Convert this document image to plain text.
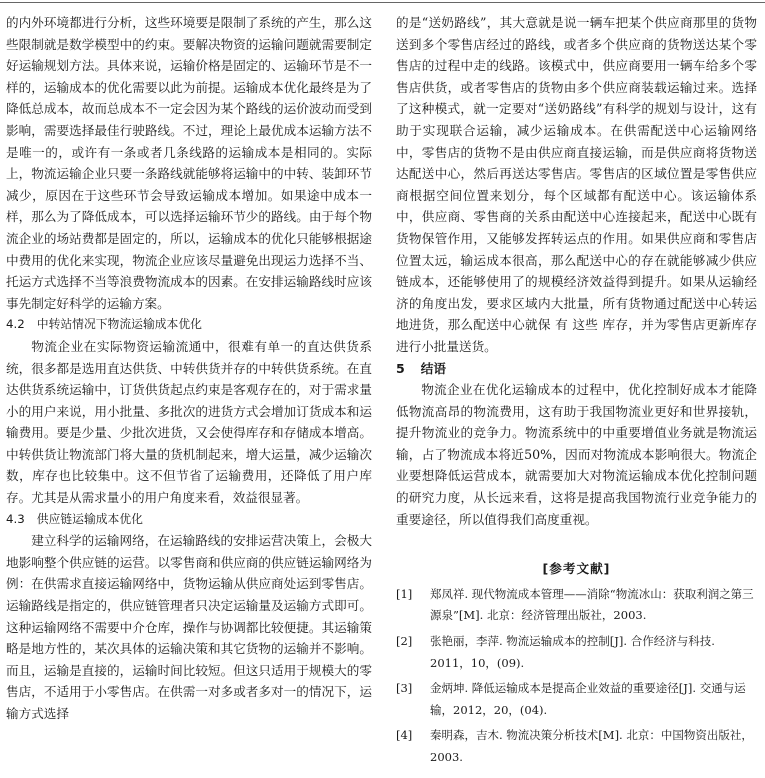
的内外环境都进行分析，这些环境要是限制了系统的产生，那么这些限制就是数学模型中的约束。要解决物资的运输问题就需要制定好运输规划方法。具体来说，运输价格是固定的、运输环节是不一样的，运输成本的优化需要以此为前提。运输成本优化最终是为了降低总成本，故而总成本不一定会因为某个路线的运价波动而受到影响，需要选择最佳行驶路线。不过，理论上最优成本运输方法不是唯一的，或许有一条或者几条线路的运输成本是相同的。实际上，物流运输企业只要一条路线就能够将运输中的中转、装卸环节减少，原因在于这些环节会导致运输成本增加。如果途中成本一样，那么为了降低成本，可以选择运输环节少的路线。由于每个物流企业的场站费都是固定的，所以，运输成本的优化只能够根据途中费用的优化来实现，物流企业应该尽量避免出现运力选择不当、托运方式选择不当等浪费物流成本的因素。在安排运输路线时应该事先制定好科学的运输方案。

4.2 中转站情况下物流运输成本优化

物流企业在实际物资运输流通中，很难有单一的直达供货系统，很多都是选用直达供货、中转供货并存的中转供货系统。在直达供货系统运输中，订货供货起点约束是客观存在的，对于需求量小的用户来说，用小批量、多批次的进货方式会增加订货成本和运输费用。要是少量、少批次进货，又会使得库存和存储成本增高。中转供货让物流部门将大量的货机制起来，增大运量，减少运输次数，库存也比较集中。这不但节省了运输费用，还降低了用户库存。尤其是从需求量小的用户角度来看，效益很显著。

4.3 供应链运输成本优化

建立科学的运输网络，在运输路线的安排运营决策上，会极大地影响整个供应链的运营。以零售商和供应商的供应链运输网络为例：在供需求直接运输网络中，货物运输从供应商处运到零售店。运输路线是指定的，供应链管理者只决定运输量及运输方式即可。这种运输网络不需要中介仓库，操作与协调都比较便捷。其运输策略是地方性的，某次具体的运输决策和其它货物的运输并不影响。而且，运输是直接的，运输时间比较短。但这只适用于规模大的零售店，不适用于小零售店。在供需一对多或者多对一的情况下，运输方式选择

的是“送奶路线”，其大意就是说一辆车把某个供应商那里的货物送到多个零售店经过的路线，或者多个供应商的货物送达某个零售店的过程中走的线路。该模式中，供应商要用一辆车给多个零售店供货，或者零售店的货物由多个供应商装载运输过来。选择了这种模式，就一定要对“送奶路线”有科学的规划与设计，这有助于实现联合运输，减少运输成本。在供需配送中心运输网络中，零售店的货物不是由供应商直接运输，而是供应商将货物送达配送中心，然后再送达零售店。零售店的区域位置是零售供应商根据空间位置来划分，每个区域都有配送中心。该运输体系中，供应商、零售商的关系由配送中心连接起来，配送中心既有货物保管作用，又能够发挥转运点的作用。如果供应商和零售店位置太远，输运成本很高，那么配送中心的存在就能够减少供应链成本，还能够使用了的规模经济效益得到提升。如果从运输经济的角度出发，要求区域内大批量，所有货物通过配送中心转运地进货，那么配送中心就保 有 这些 库存，并为零售店更新库存进行小批量送货。

5 结语

物流企业在优化运输成本的过程中，优化控制好成本才能降低物流高昂的物流费用，这有助于我国物流业更好和世界接轨，提升物流业的竞争力。物流系统中的中重要增值业务就是物流运输，占了物流成本将近50%，因而对物流成本影响很大。物流企业要想降低运营成本，就需要加大对物流运输成本优化控制问题的研究力度，从长远来看，这将是提高我国物流行业竞争能力的重要途径，所以值得我们高度重视。

[参考文献]
[1] 郑凤祥. 现代物流成本管理——消除“物流冰山：获取利润之第三源泉”[M]. 北京：经济管理出版社，2003.
[2] 张艳丽，李萍. 物流运输成本的控制[J]. 合作经济与科技. 2011，10，(09).
[3] 金炳坤. 降低运输成本是提高企业效益的重要途径[J]. 交通与运输，2012，20，(04).
[4] 秦明森，吉木. 物流决策分析技术[M]. 北京：中国物资出版社，2003.
